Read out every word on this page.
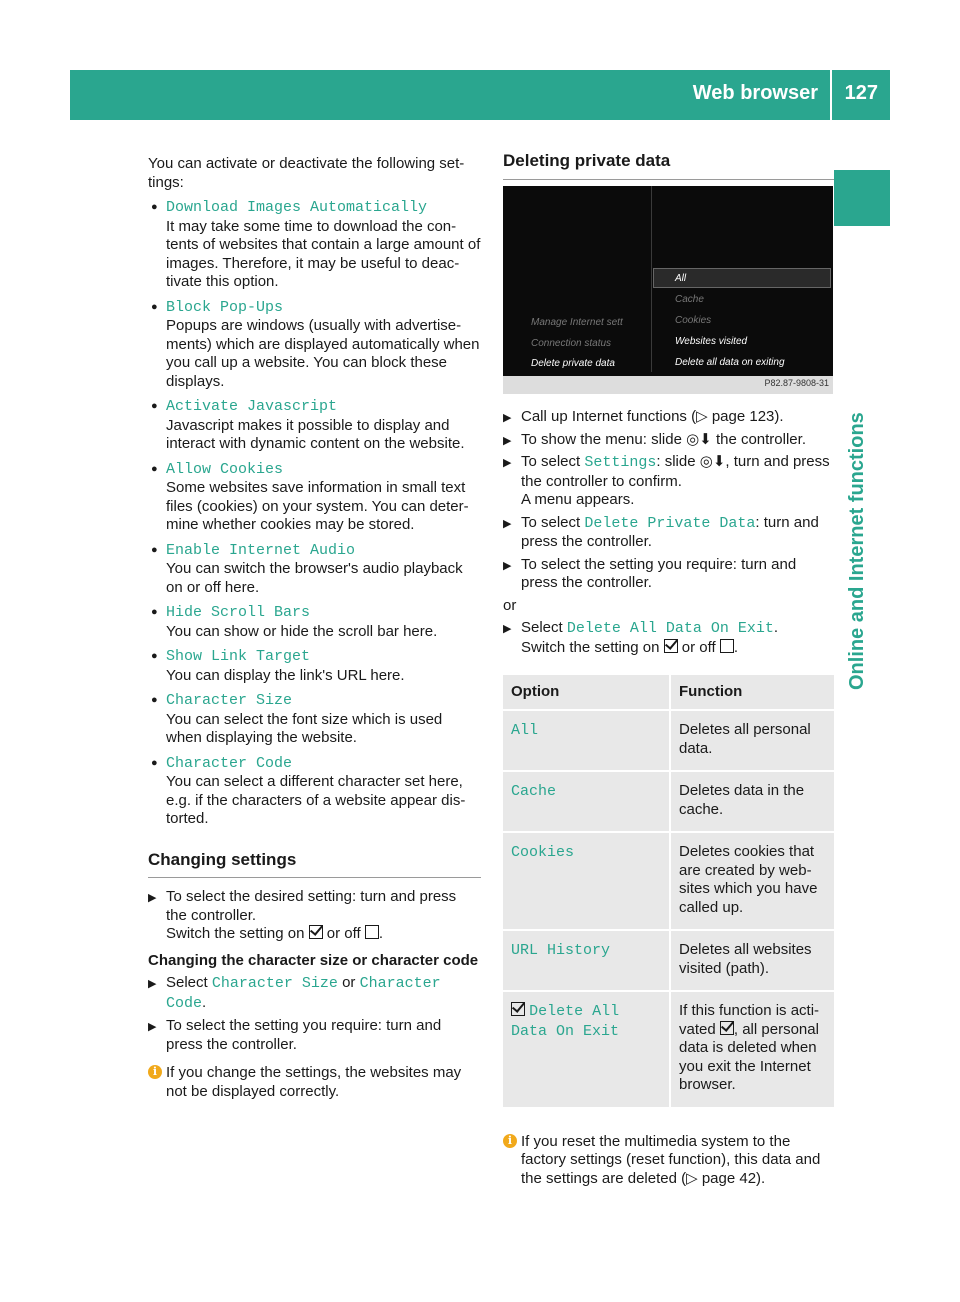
Web browser 127
Online and Internet functions

You can activate or deactivate the following set-tings:

● Download Images Automatically

It may take some time to download the con-tents of websites that contain a large amount of images. Therefore, it may be useful to deac-tivate this option.

● Block Pop-Ups

Popups are windows (usually with advertise-ments) which are displayed automatically when you call up a website. You can block these displays.

● Activate Javascript

Javascript makes it possible to display and interact with dynamic content on the website.

● Allow Cookies

Some websites save information in small text files (cookies) on your system. You can deter-mine whether cookies may be stored.

● Enable Internet Audio

You can switch the browser's audio playback on or off here.

● Hide Scroll Bars

You can show or hide the scroll bar here.

● Show Link Target

You can display the link's URL here.

● Character Size

You can select the font size which is used when displaying the website.

● Character Code

You can select a different character set here, e.g. if the characters of a website appear dis-torted.

Changing settings
▶ To select the desired setting: turn and press the controller.
Switch the setting on or off .

Changing the character size or character code

▶ Select Character Size or Character Code.
▶ To select the setting you require: turn and press the controller.
i If you change the settings, the websites may not be displayed correctly.
Deleting private data
Manage Internet sett
Connection status
Delete private data
All
Cache
Cookies
Websites visited
Delete all data on exiting
P82.87-9808-31
▶ Call up Internet functions (▷ page 123).
▶ To show the menu: slide ◎⬇ the controller.
▶ To select Settings: slide ◎⬇, turn and press the controller to confirm.
A menu appears.
▶ To select Delete Private Data: turn and press the controller.
▶ To select the setting you require: turn and press the controller.

or

▶ Select Delete All Data On Exit.
Switch the setting on or off .
Option	Function
All	Deletes all personal data.
Cache	Deletes data in the cache.
Cookies	Deletes cookies that are created by web-sites which you have called up.
URL History	Deletes all websites visited (path).
Delete All
Data On Exit	If this function is acti-vated , all personal data is deleted when you exit the Internet browser.
i If you reset the multimedia system to the factory settings (reset function), this data and the settings are deleted (▷ page 42).
